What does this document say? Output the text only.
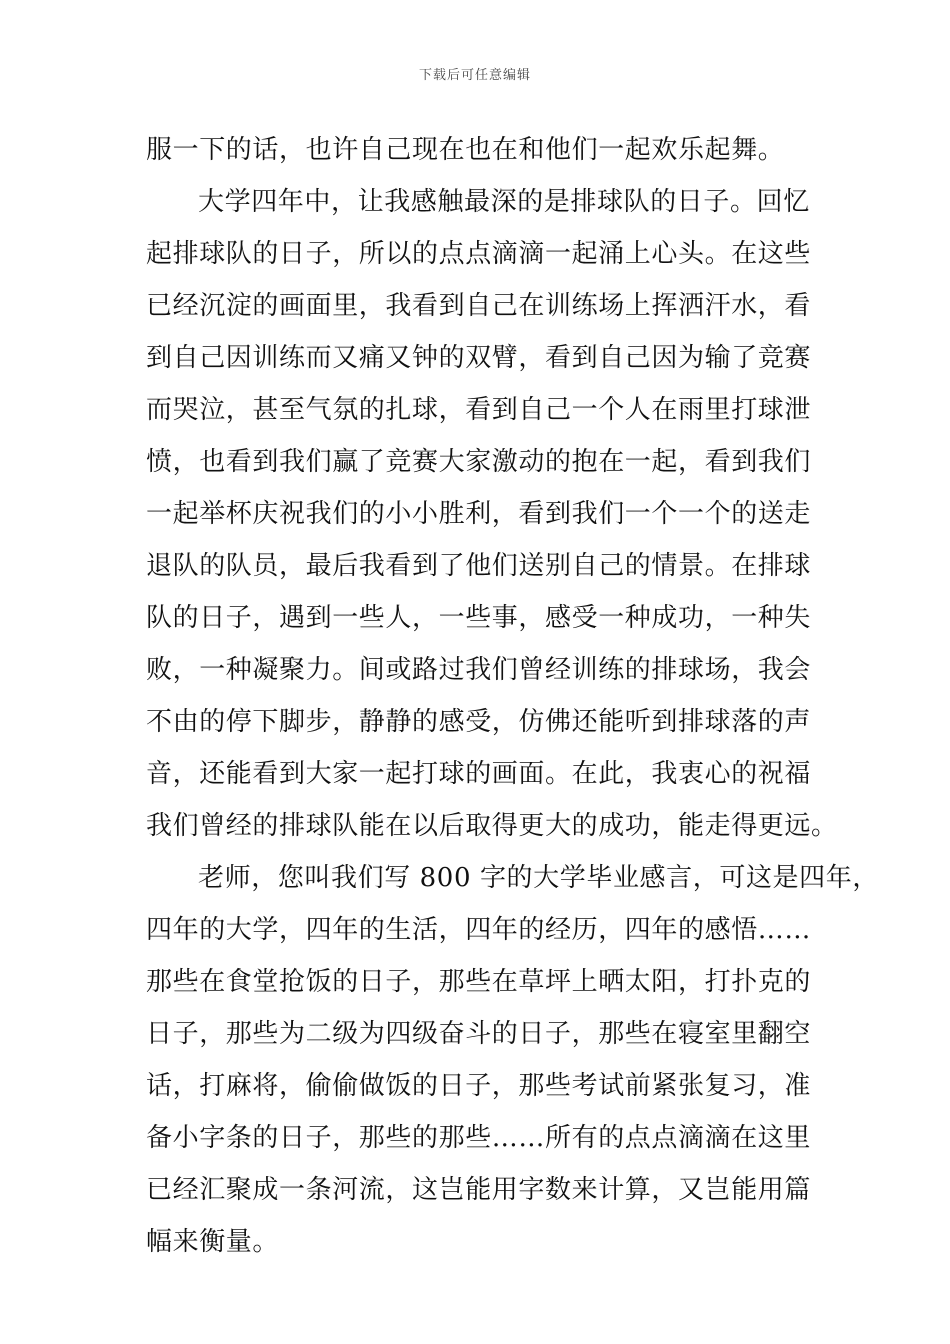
下载后可任意编辑
服一下的话，也许自己现在也在和他们一起欢乐起舞。
大学四年中，让我感触最深的是排球队的日子。回忆
起排球队的日子，所以的点点滴滴一起涌上心头。在这些
已经沉淀的画面里，我看到自己在训练场上挥洒汗水，看
到自己因训练而又痛又钟的双臂，看到自己因为输了竞赛
而哭泣，甚至气氛的扎球，看到自己一个人在雨里打球泄
愤，也看到我们赢了竞赛大家激动的抱在一起，看到我们
一起举杯庆祝我们的小小胜利，看到我们一个一个的送走
退队的队员，最后我看到了他们送别自己的情景。在排球
队的日子，遇到一些人，一些事，感受一种成功，一种失
败，一种凝聚力。间或路过我们曾经训练的排球场，我会
不由的停下脚步，静静的感受，仿佛还能听到排球落的声
音，还能看到大家一起打球的画面。在此，我衷心的祝福
我们曾经的排球队能在以后取得更大的成功，能走得更远。
老师，您叫我们写 800 字的大学毕业感言，可这是四年，
四年的大学，四年的生活，四年的经历，四年的感悟……
那些在食堂抢饭的日子，那些在草坪上晒太阳，打扑克的
日子，那些为二级为四级奋斗的日子，那些在寝室里翻空
话，打麻将，偷偷做饭的日子，那些考试前紧张复习，准
备小字条的日子，那些的那些……所有的点点滴滴在这里
已经汇聚成一条河流，这岂能用字数来计算，又岂能用篇
幅来衡量。
